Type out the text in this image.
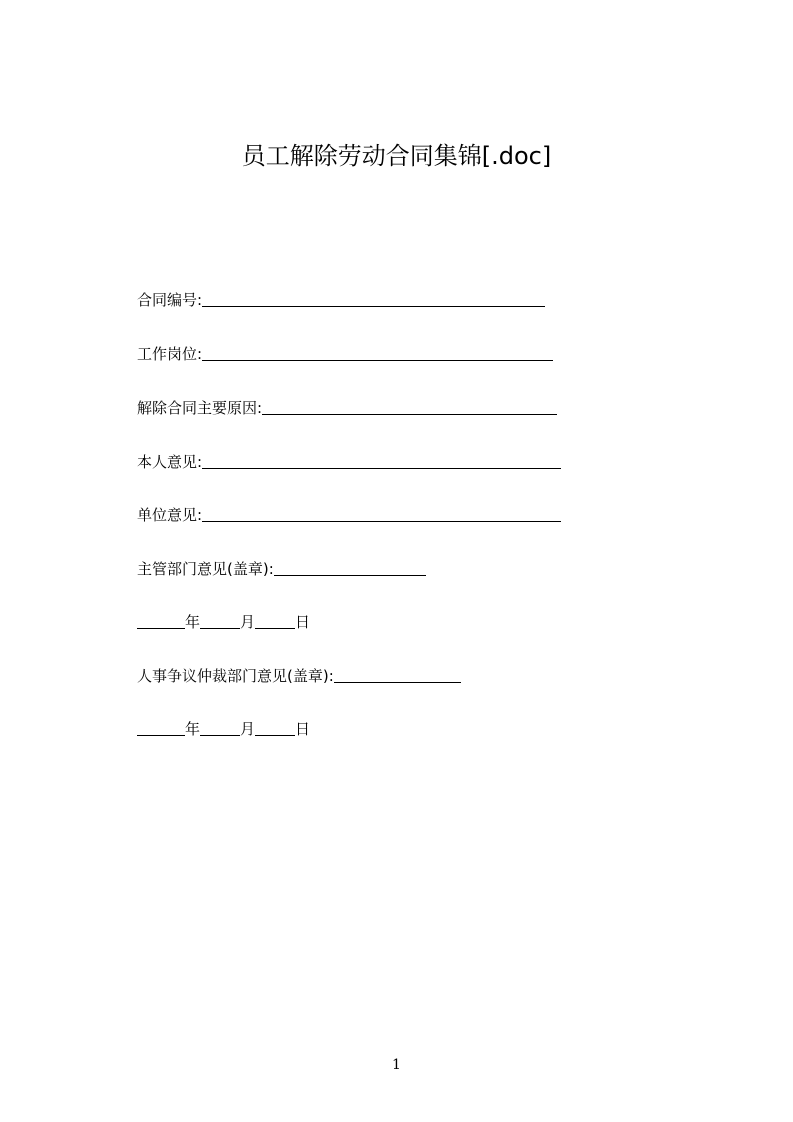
员工解除劳动合同集锦[.doc]
合同编号:
工作岗位:
解除合同主要原因:
本人意见:
单位意见:
主管部门意见(盖章):
年	月	日
人事争议仲裁部门意见(盖章):
年	月	日
1
